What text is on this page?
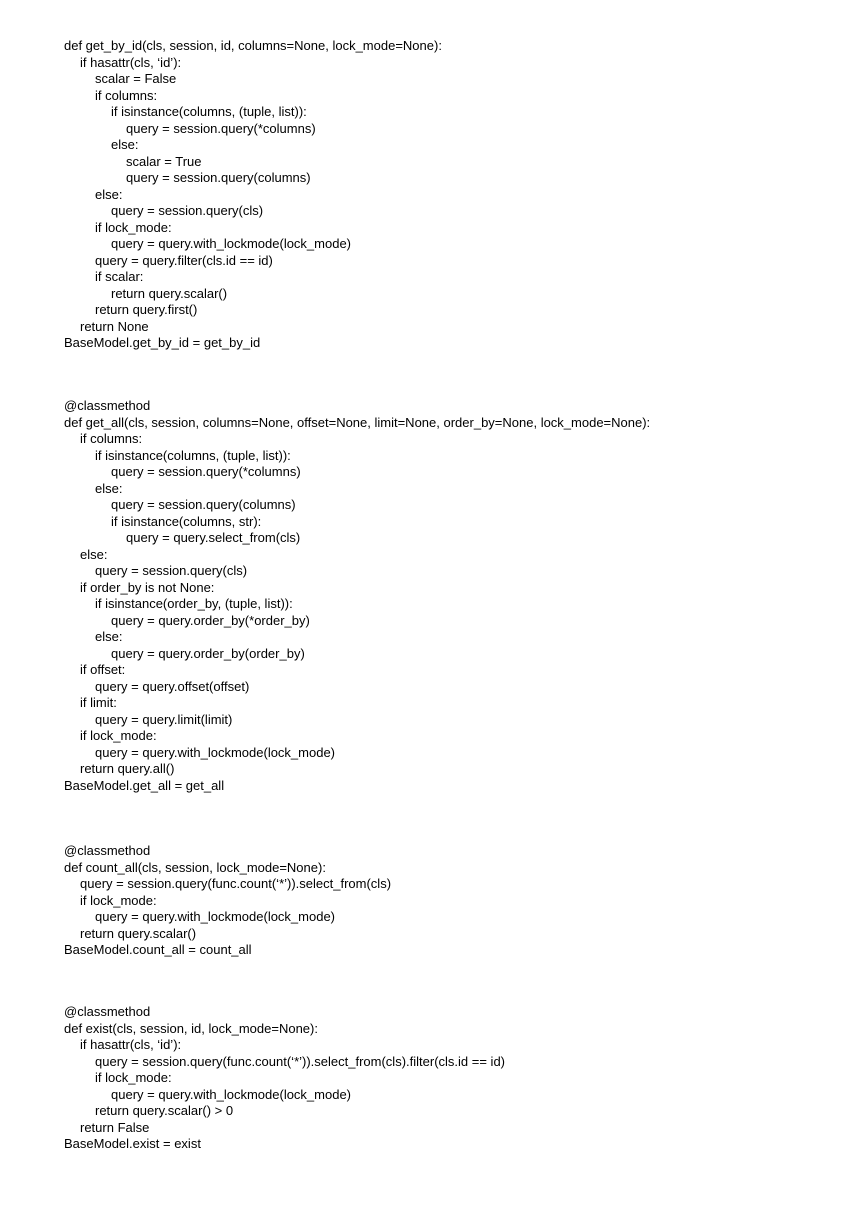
def get_by_id(cls, session, id, columns=None, lock_mode=None):
if hasattr(cls, ‘id’):
scalar = False
if columns:
if isinstance(columns, (tuple, list)):
query = session.query(*columns)
else:
scalar = True
query = session.query(columns)
else:
query = session.query(cls)
if lock_mode:
query = query.with_lockmode(lock_mode)
query = query.filter(cls.id == id)
if scalar:
return query.scalar()
return query.first()
return None
BaseModel.get_by_id = get_by_id
@classmethod
def get_all(cls, session, columns=None, offset=None, limit=None, order_by=None, lock_mode=None):
if columns:
if isinstance(columns, (tuple, list)):
query = session.query(*columns)
else:
query = session.query(columns)
if isinstance(columns, str):
query = query.select_from(cls)
else:
query = session.query(cls)
if order_by is not None:
if isinstance(order_by, (tuple, list)):
query = query.order_by(*order_by)
else:
query = query.order_by(order_by)
if offset:
query = query.offset(offset)
if limit:
query = query.limit(limit)
if lock_mode:
query = query.with_lockmode(lock_mode)
return query.all()
BaseModel.get_all = get_all
@classmethod
def count_all(cls, session, lock_mode=None):
query = session.query(func.count(‘*’)).select_from(cls)
if lock_mode:
query = query.with_lockmode(lock_mode)
return query.scalar()
BaseModel.count_all = count_all
@classmethod
def exist(cls, session, id, lock_mode=None):
if hasattr(cls, ‘id’):
query = session.query(func.count(‘*’)).select_from(cls).filter(cls.id == id)
if lock_mode:
query = query.with_lockmode(lock_mode)
return query.scalar() > 0
return False
BaseModel.exist = exist
